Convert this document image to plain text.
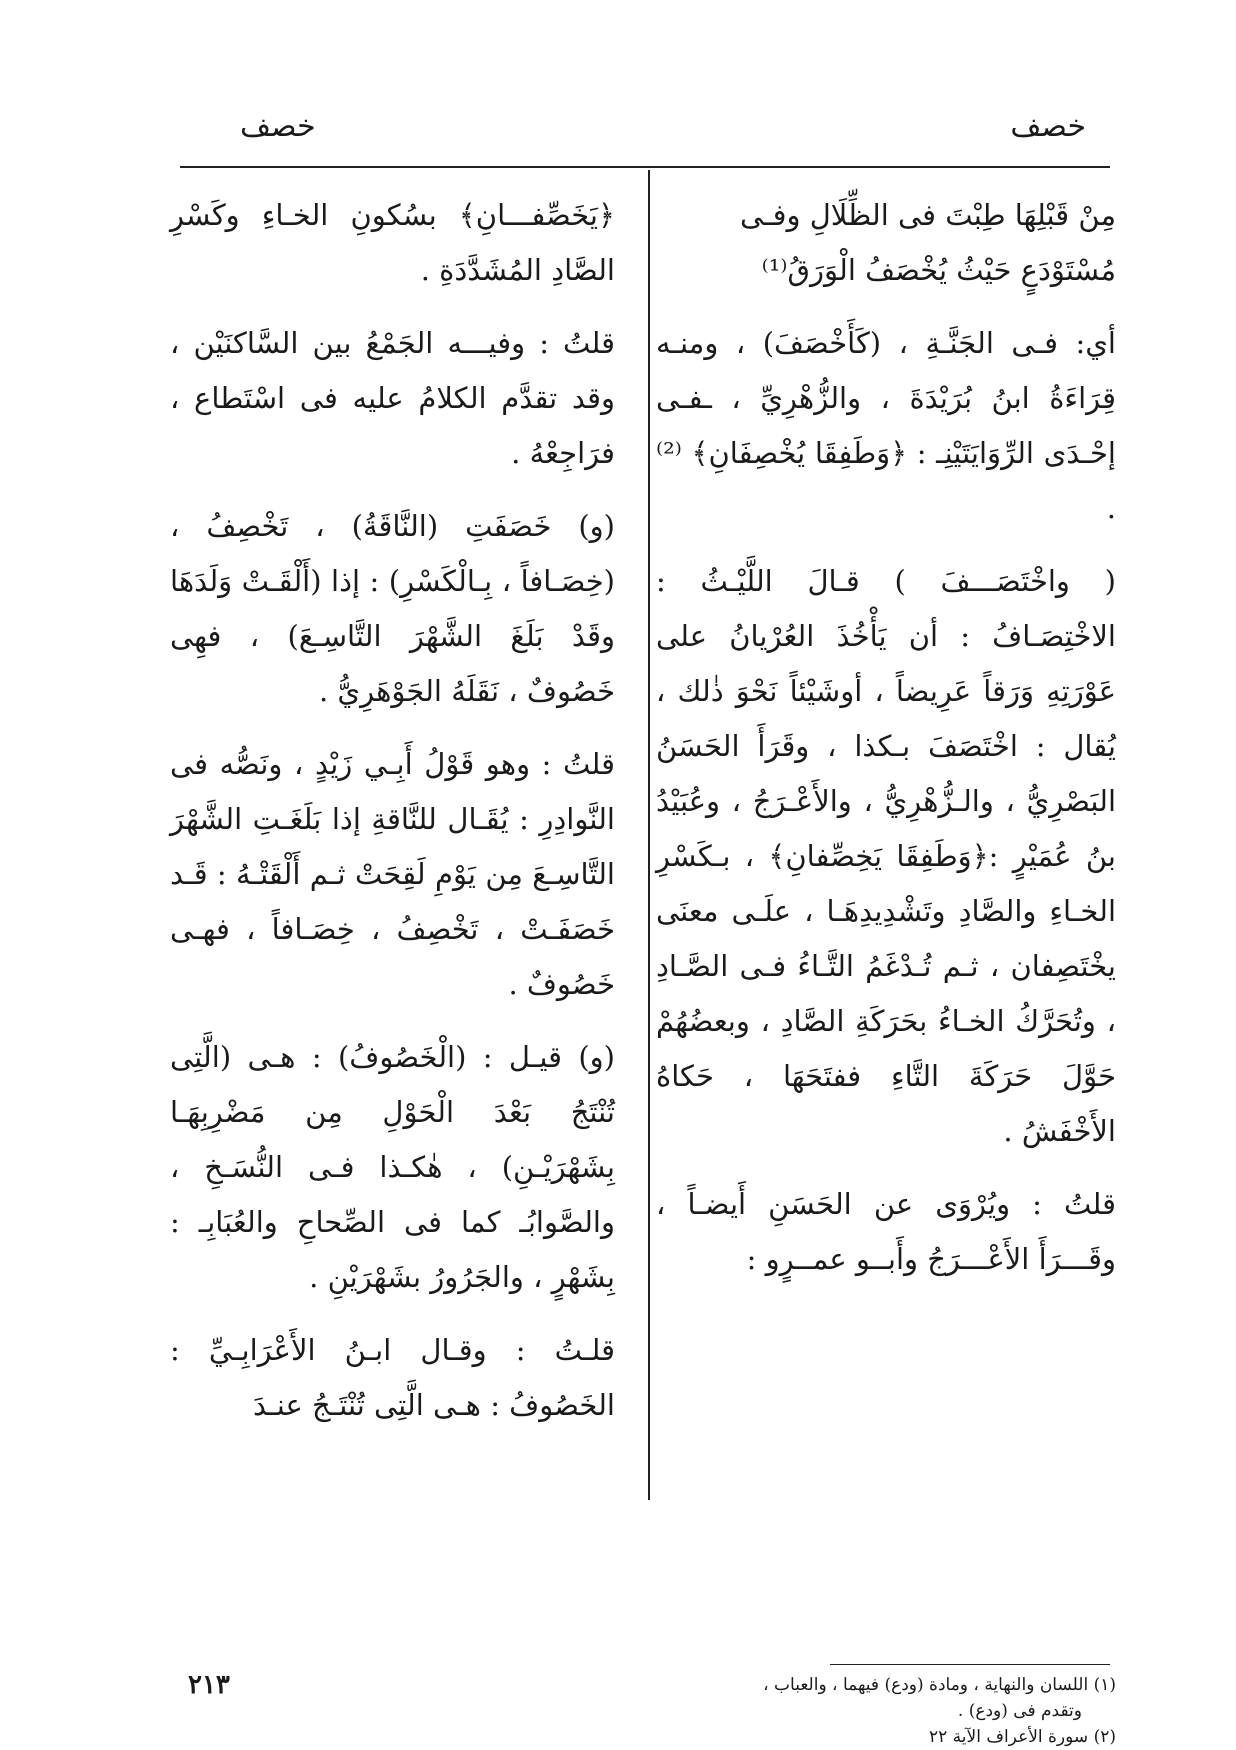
خصف
خصف

مِنْ قَبْلِهَا طِبْتَ فى الظِّلَالِ وفـى
مُسْتَوْدَعٍ حَيْثُ يُخْصَفُ الْوَرَقُ⁽¹⁾

أي: فـى الجَنَّـةِ ، (كَأَخْصَفَ) ، ومنـه قِرَاءَةُ ابنُ بُرَيْدَةَ ، والزُّهْرِيِّ ، ـفـى إحْـدَى الرِّوَايَتَيْنِـ : ﴿وَطَفِقَا يُخْصِفَانِ﴾ ⁽²⁾ .

( واخْتَصَـــفَ ) قـالَ اللَّيْـثُ : الاخْتِصَـافُ : أن يَأْخُذَ العُرْيانُ على عَوْرَتِهِ وَرَقاً عَرِيضاً ، أوشَيْئاً نَحْوَ ذٰلك ، يُقال : اخْتَصَفَ بـكذا ، وقَرَأَ الحَسَنُ البَصْرِيُّ ، والـزُّهْرِيُّ ، والأَعْـرَجُ ، وعُبَيْدُ بنُ عُمَيْرٍ :﴿وَطَفِقَا يَخِصِّفانِ﴾ ، بـكَسْرِ الخـاءِ والصَّادِ وتَشْدِيدِهَـا ، علَـى معنَى يخْتَصِفان ، ثـم تُـدْغَمُ التَّـاءُ فـى الصَّـادِ ، وتُحَرَّكُ الخـاءُ بحَرَكَةِ الصَّادِ ، وبعضُهُمْ حَوَّلَ حَرَكَةَ التَّاءِ ففتَحَهَا ، حَكاهُ الأَخْفَشُ .

قلتُ : ويُرْوَى عن الحَسَنِ أَيضـاً ، وقَـــرَأَ الأَعْـــرَجُ وأَبــو عمــرٍو :

﴿يَخَصِّفـــانِ﴾ بسُكونِ الخـاءِ وكَسْرِ الصَّادِ المُشَدَّدَةِ .

قلتُ : وفيـــه الجَمْعُ بين السَّاكنَيْن ، وقد تقدَّم الكلامُ عليه فى اسْتَطاع ، فرَاجِعْهُ .

(و) خَصَفَتِ (النَّاقَةُ) ، تَخْصِفُ ، (خِصَـافاً ، بِـالْكَسْرِ) : إذا (أَلْقَـتْ وَلَدَهَا وقَدْ بَلَغَ الشَّهْرَ التَّاسِـعَ) ، فهِى خَصُوفٌ ، نَقَلَهُ الجَوْهَرِيُّ .

قلتُ : وهو قَوْلُ أَبِـي زَيْدٍ ، ونَصُّه فى النَّوادِرِ : يُقَـال للنَّاقةِ إذا بَلَغَـتِ الشَّهْرَ التَّاسِـعَ مِن يَوْمِ لَقِحَتْ ثـم أَلْقَتْـهُ : قَـد خَصَفَـتْ ، تَخْصِفُ ، خِصَـافاً ، فهـى خَصُوفٌ .

(و) قيـل : (الْخَصُوفُ) : هـى (الَّتِى تُنْتَجُ بَعْدَ الْحَوْلِ مِن مَضْرِبِهَـا بِشَهْرَيْـنِ) ، هٰكـذا فـى النُّسَـخِ ، والصَّوابُـ كما فى الصِّحاحِ والعُبَابِـ : بِشَهْرٍ ، والجَرُورُ بشَهْرَيْنِ .

قلـتُ : وقـال ابـنُ الأَعْرَابِـيِّ : الخَصُوفُ : هـى الَّتِى تُنْتَـجُ عنـدَ

(١) اللسان والنهاية ، ومادة (ودع) فيهما ، والعباب ،
وتقدم فى (ودع) .
(٢) سورة الأعراف الآية ٢٢
٢١٣
